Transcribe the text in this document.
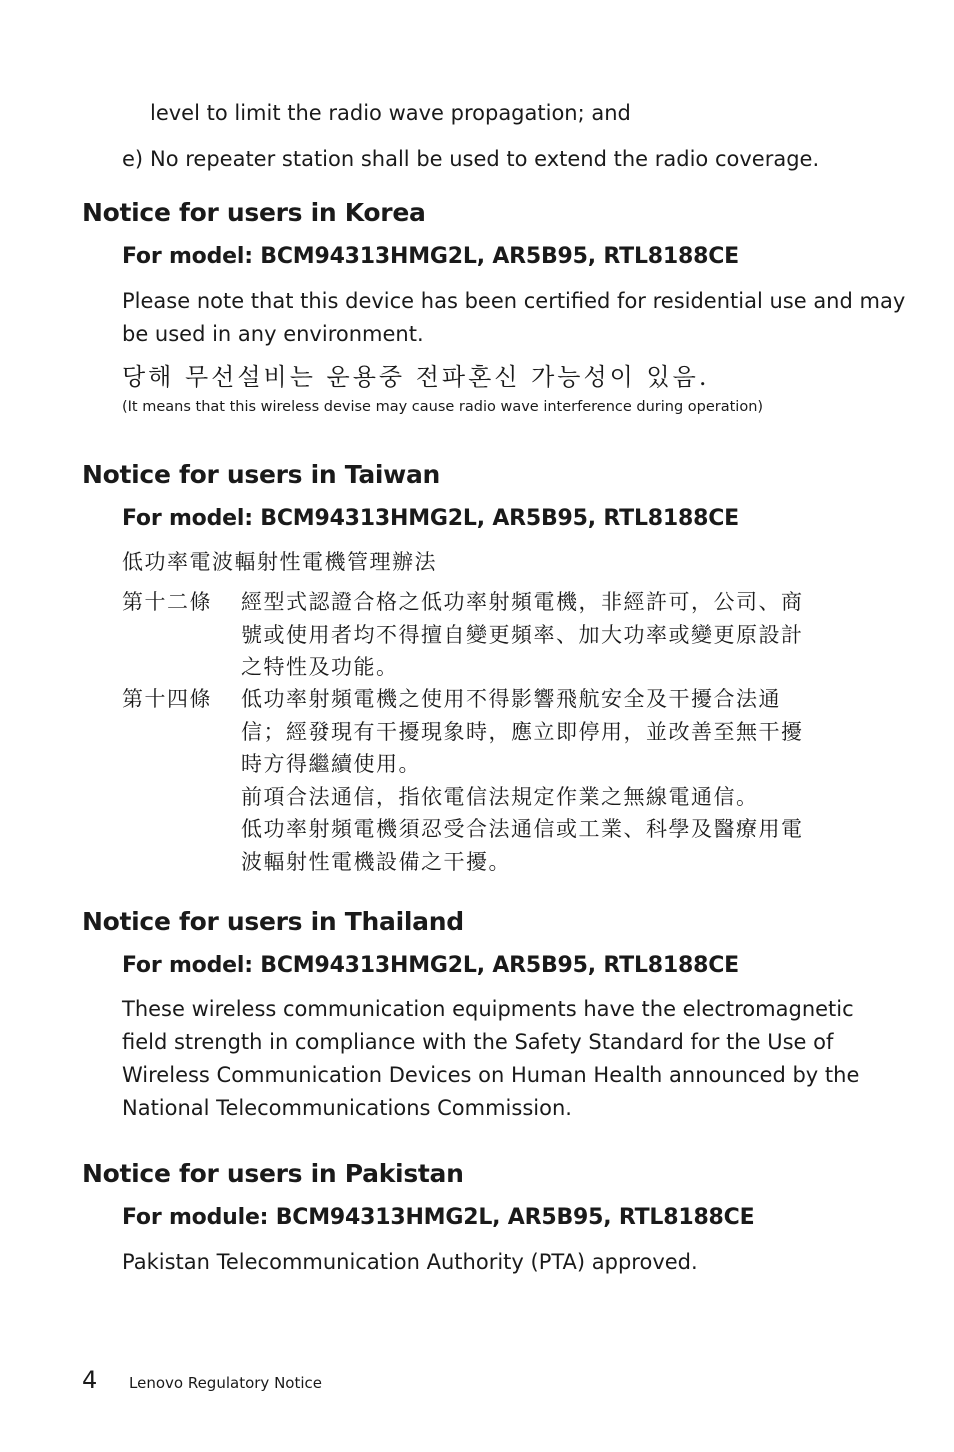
level to limit the radio wave propagation; and
e) No repeater station shall be used to extend the radio coverage.
Notice for users in Korea
For model: BCM94313HMG2L, AR5B95, RTL8188CE
Please note that this device has been certified for residential use and may
be used in any environment.
당해 무선설비는 운용중 전파혼신 가능성이 있음.
(It means that this wireless devise may cause radio wave interference during operation)
Notice for users in Taiwan
For model: BCM94313HMG2L, AR5B95, RTL8188CE
低功率電波輻射性電機管理辦法
第十二條 經型式認證合格之低功率射頻電機，非經許可，公司、商
號或使用者均不得擅自變更頻率、加大功率或變更原設計
之特性及功能。
第十四條 低功率射頻電機之使用不得影響飛航安全及干擾合法通
信；經發現有干擾現象時，應立即停用，並改善至無干擾
時方得繼續使用。
前項合法通信，指依電信法規定作業之無線電通信。
低功率射頻電機須忍受合法通信或工業、科學及醫療用電
波輻射性電機設備之干擾。
Notice for users in Thailand
For model: BCM94313HMG2L, AR5B95, RTL8188CE
These wireless communication equipments have the electromagnetic
field strength in compliance with the Safety Standard for the Use of
Wireless Communication Devices on Human Health announced by the
National Telecommunications Commission.
Notice for users in Pakistan
For module: BCM94313HMG2L, AR5B95, RTL8188CE
Pakistan Telecommunication Authority (PTA) approved.
4 Lenovo Regulatory Notice
